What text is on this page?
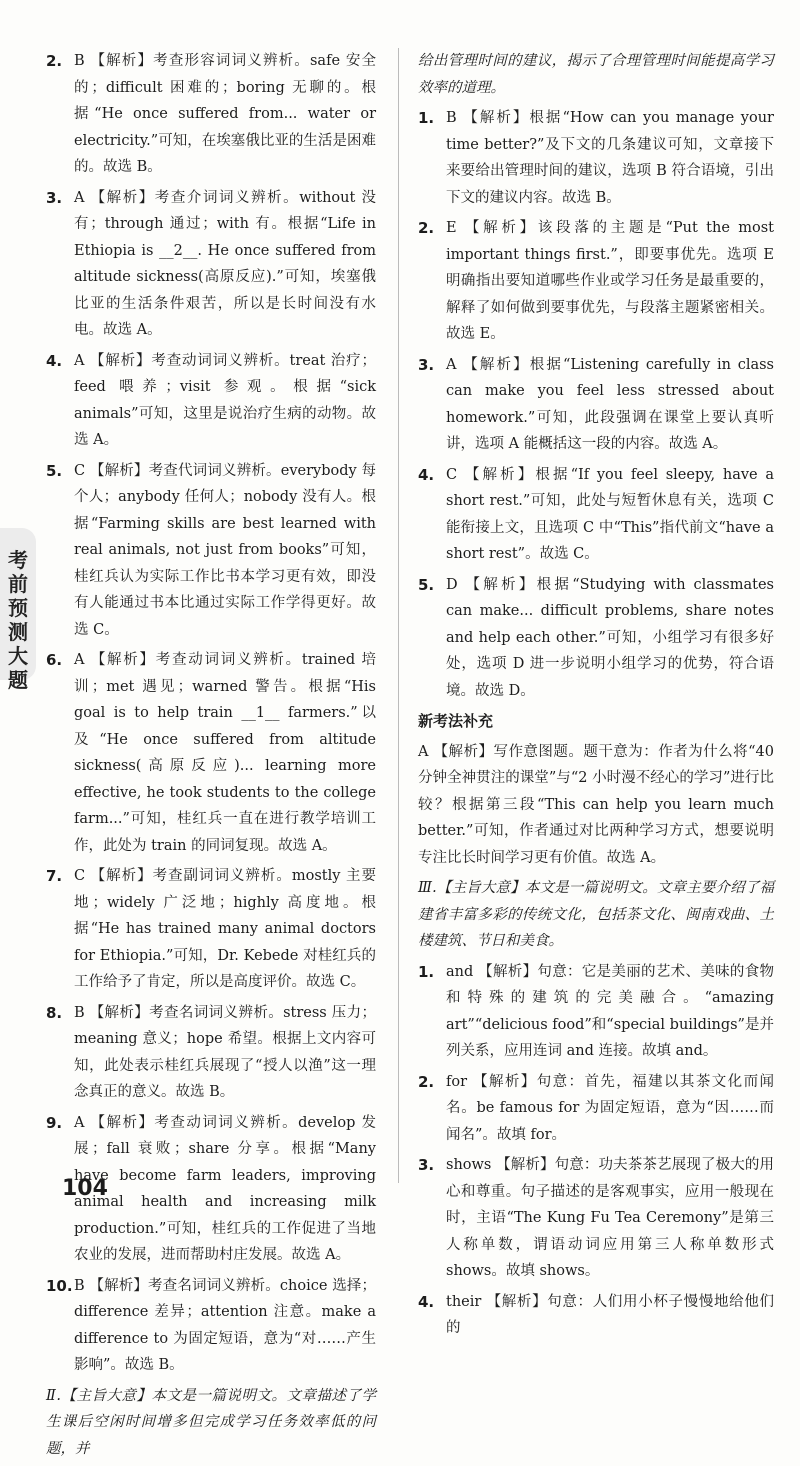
考前预测大题
2. B 【解析】考查形容词词义辨析。safe 安全的；difficult 困难的；boring 无聊的。根据“He once suffered from... water or electricity.”可知，在埃塞俄比亚的生活是困难的。故选 B。
3. A 【解析】考查介词词义辨析。without 没有；through 通过；with 有。根据“Life in Ethiopia is __2__. He once suffered from altitude sickness(高原反应).”可知，埃塞俄比亚的生活条件艰苦，所以是长时间没有水电。故选 A。
4. A 【解析】考查动词词义辨析。treat 治疗；feed 喂养；visit 参观。根据“sick animals”可知，这里是说治疗生病的动物。故选 A。
5. C 【解析】考查代词词义辨析。everybody 每个人；anybody 任何人；nobody 没有人。根据“Farming skills are best learned with real animals, not just from books”可知，桂红兵认为实际工作比书本学习更有效，即没有人能通过书本比通过实际工作学得更好。故选 C。
6. A 【解析】考查动词词义辨析。trained 培训；met 遇见；warned 警告。根据“His goal is to help train __1__ farmers.”以及“He once suffered from altitude sickness(高原反应)... learning more effective, he took students to the college farm...”可知，桂红兵一直在进行教学培训工作，此处为 train 的同词复现。故选 A。
7. C 【解析】考查副词词义辨析。mostly 主要地；widely 广泛地；highly 高度地。根据“He has trained many animal doctors for Ethiopia.”可知，Dr. Kebede 对桂红兵的工作给予了肯定，所以是高度评价。故选 C。
8. B 【解析】考查名词词义辨析。stress 压力；meaning 意义；hope 希望。根据上文内容可知，此处表示桂红兵展现了“授人以渔”这一理念真正的意义。故选 B。
9. A 【解析】考查动词词义辨析。develop 发展；fall 衰败；share 分享。根据“Many have become farm leaders, improving animal health and increasing milk production.”可知，桂红兵的工作促进了当地农业的发展，进而帮助村庄发展。故选 A。
10. B 【解析】考查名词词义辨析。choice 选择；difference 差异；attention 注意。make a difference to 为固定短语，意为“对……产生影响”。故选 B。
Ⅱ.【主旨大意】本文是一篇说明文。文章描述了学生课后空闲时间增多但完成学习任务效率低的问题，并
给出管理时间的建议，揭示了合理管理时间能提高学习效率的道理。
1. B 【解析】根据“How can you manage your time better?”及下文的几条建议可知，文章接下来要给出管理时间的建议，选项 B 符合语境，引出下文的建议内容。故选 B。
2. E 【解析】该段落的主题是“Put the most important things first.”，即要事优先。选项 E 明确指出要知道哪些作业或学习任务是最重要的，解释了如何做到要事优先，与段落主题紧密相关。故选 E。
3. A 【解析】根据“Listening carefully in class can make you feel less stressed about homework.”可知，此段强调在课堂上要认真听讲，选项 A 能概括这一段的内容。故选 A。
4. C 【解析】根据“If you feel sleepy, have a short rest.”可知，此处与短暂休息有关，选项 C 能衔接上文，且选项 C 中“This”指代前文“have a short rest”。故选 C。
5. D 【解析】根据“Studying with classmates can make... difficult problems, share notes and help each other.”可知，小组学习有很多好处，选项 D 进一步说明小组学习的优势，符合语境。故选 D。
新考法补充
A 【解析】写作意图题。题干意为：作者为什么将“40 分钟全神贯注的课堂”与“2 小时漫不经心的学习”进行比较？根据第三段“This can help you learn much better.”可知，作者通过对比两种学习方式，想要说明专注比长时间学习更有价值。故选 A。
Ⅲ.【主旨大意】本文是一篇说明文。文章主要介绍了福建省丰富多彩的传统文化，包括茶文化、闽南戏曲、土楼建筑、节日和美食。
1. and 【解析】句意：它是美丽的艺术、美味的食物和特殊的建筑的完美融合。“amazing art”“delicious food”和“special buildings”是并列关系，应用连词 and 连接。故填 and。
2. for 【解析】句意：首先，福建以其茶文化而闻名。be famous for 为固定短语，意为“因……而闻名”。故填 for。
3. shows 【解析】句意：功夫茶茶艺展现了极大的用心和尊重。句子描述的是客观事实，应用一般现在时，主语“The Kung Fu Tea Ceremony”是第三人称单数，谓语动词应用第三人称单数形式 shows。故填 shows。
4. their 【解析】句意：人们用小杯子慢慢地给他们的
104
